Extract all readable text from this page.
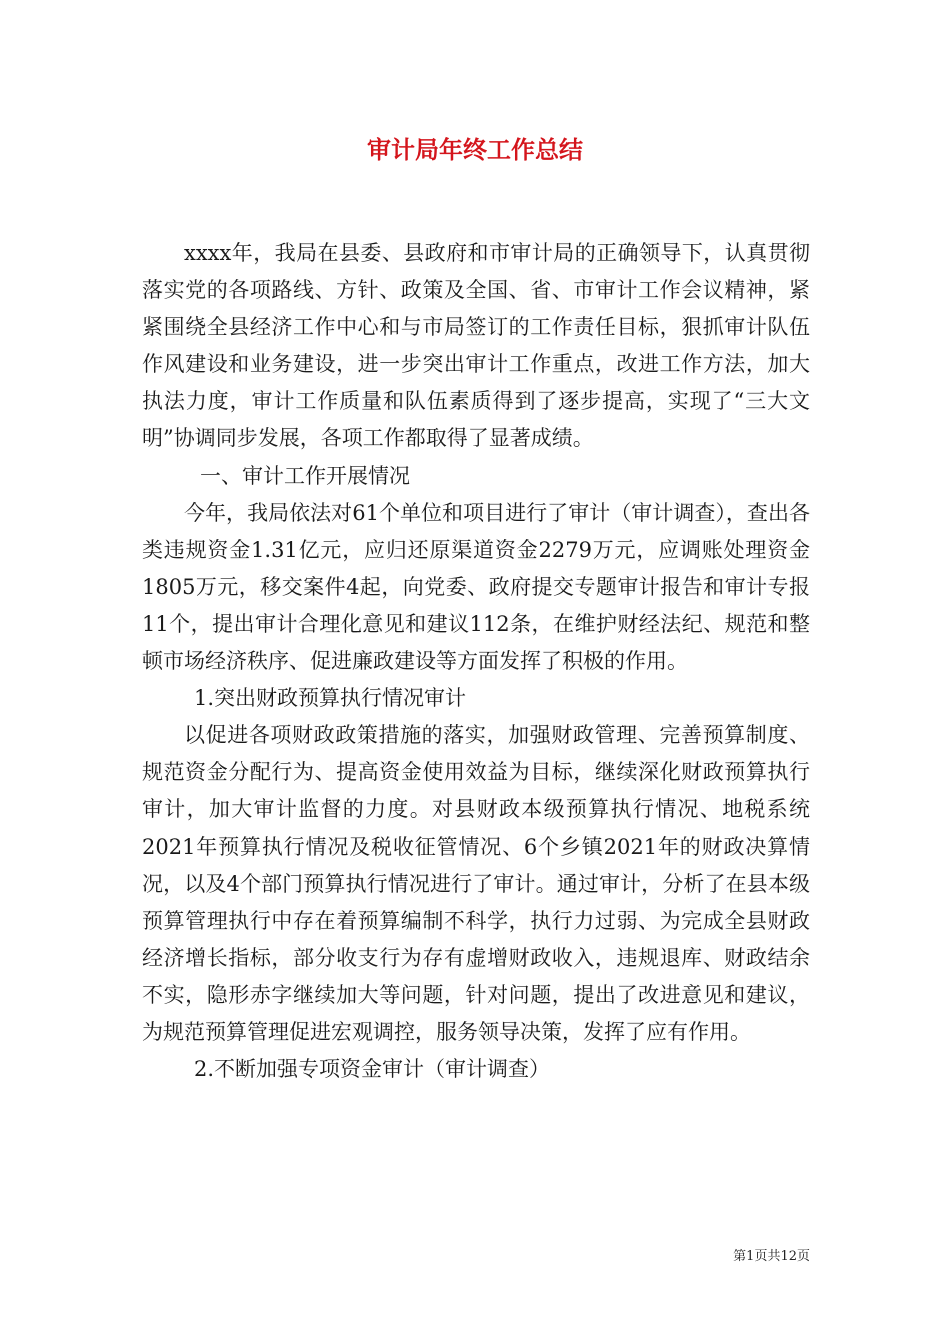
审计局年终工作总结

xxxx年，我局在县委、县政府和市审计局的正确领导下，认真贯彻落实党的各项路线、方针、政策及全国、省、市审计工作会议精神，紧紧围绕全县经济工作中心和与市局签订的工作责任目标，狠抓审计队伍作风建设和业务建设，进一步突出审计工作重点，改进工作方法，加大执法力度，审计工作质量和队伍素质得到了逐步提高，实现了“三大文明”协调同步发展，各项工作都取得了显著成绩。

一、审计工作开展情况

今年，我局依法对61个单位和项目进行了审计（审计调查），查出各类违规资金1.31亿元，应归还原渠道资金2279万元，应调账处理资金1805万元，移交案件4起，向党委、政府提交专题审计报告和审计专报11个，提出审计合理化意见和建议112条，在维护财经法纪、规范和整顿市场经济秩序、促进廉政建设等方面发挥了积极的作用。

1.突出财政预算执行情况审计

以促进各项财政政策措施的落实，加强财政管理、完善预算制度、规范资金分配行为、提高资金使用效益为目标，继续深化财政预算执行审计，加大审计监督的力度。对县财政本级预算执行情况、地税系统2021年预算执行情况及税收征管情况、6个乡镇2021年的财政决算情况，以及4个部门预算执行情况进行了审计。通过审计，分析了在县本级预算管理执行中存在着预算编制不科学，执行力过弱、为完成全县财政经济增长指标，部分收支行为存有虚增财政收入，违规退库、财政结余不实，隐形赤字继续加大等问题，针对问题，提出了改进意见和建议，为规范预算管理促进宏观调控，服务领导决策，发挥了应有作用。

2.不断加强专项资金审计（审计调查）

第1页共12页
